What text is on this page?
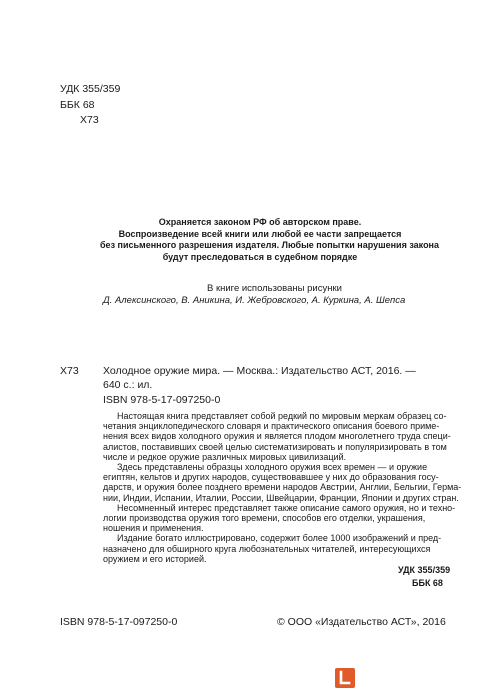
УДК 355/359
ББК 68
Х73
Охраняется законом РФ об авторском праве.
Воспроизведение всей книги или любой ее части запрещается
без письменного разрешения издателя. Любые попытки нарушения закона
будут преследоваться в судебном порядке
В книге использованы рисунки
Д. Алексинского, В. Аникина, И. Жебровского, А. Куркина, А. Шепса
Х73 Холодное оружие мира. — Москва.: Издательство АСТ, 2016. —
640 с.: ил.
ISBN 978-5-17-097250-0
Настоящая книга представляет собой редкий по мировым меркам образец со-
четания энциклопедического словаря и практического описания боевого приме-
нения всех видов холодного оружия и является плодом многолетнего труда специ-
алистов, поставивших своей целью систематизировать и популяризировать в том
числе и редкое оружие различных мировых цивилизаций.
Здесь представлены образцы холодного оружия всех времен — и оружие
египтян, кельтов и других народов, существовавшее у них до образования госу-
дарств, и оружия более позднего времени народов Австрии, Англии, Бельгии, Герма-
нии, Индии, Испании, Италии, России, Швейцарии, Франции, Японии и других стран.
Несомненный интерес представляет также описание самого оружия, но и техно-
логии производства оружия того времени, способов его отделки, украшения,
ношения и применения.
Издание богато иллюстрировано, содержит более 1000 изображений и пред-
назначено для обширного круга любознательных читателей, интересующихся
оружием и его историей.
УДК 355/359
ББК 68
ISBN 978-5-17-097250-0	© ООО «Издательство АСТ», 2016
